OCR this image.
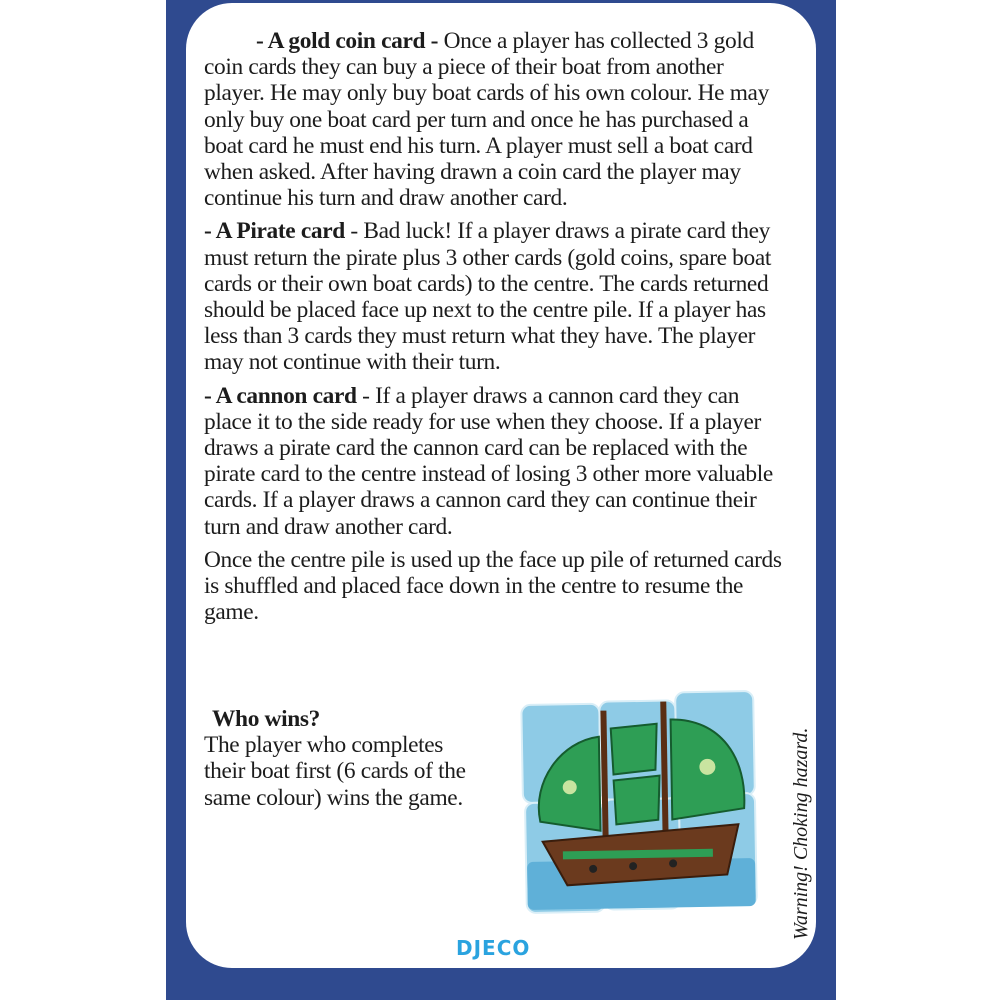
- A gold coin card - Once a player has collected 3 gold coin cards they can buy a piece of their boat from another player. He may only buy boat cards of his own colour. He may only buy one boat card per turn and once he has purchased a boat card he must end his turn. A player must sell a boat card when asked. After having drawn a coin card the player may continue his turn and draw another card.

- A Pirate card - Bad luck! If a player draws a pirate card they must return the pirate plus 3 other cards (gold coins, spare boat cards or their own boat cards) to the centre. The cards returned should be placed face up next to the centre pile. If a player has less than 3 cards they must return what they have. The player may not continue with their turn.

- A cannon card - If a player draws a cannon card they can place it to the side ready for use when they choose. If a player draws a pirate card the cannon card can be replaced with the pirate card to the centre instead of losing 3 other more valuable cards. If a player draws a cannon card they can continue their turn and draw another card.

Once the centre pile is used up the face up pile of returned cards is shuffled and placed face down in the centre to resume the game.

Who wins?
The player who completes
their boat first (6 cards of the
same colour) wins the game.	Warning! Choking hazard.
DJECO
